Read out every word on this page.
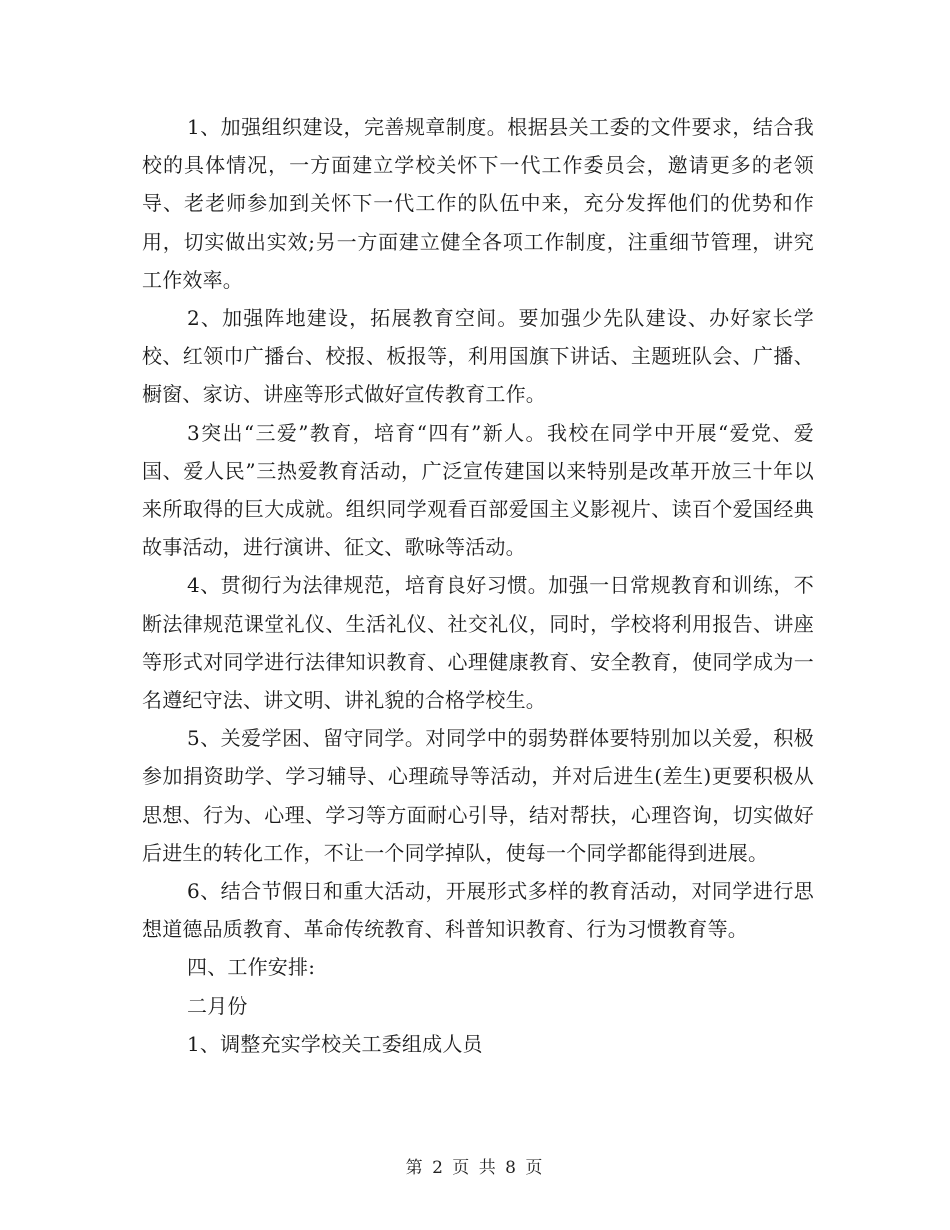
1、加强组织建设，完善规章制度。根据县关工委的文件要求，结合我校的具体情况，一方面建立学校关怀下一代工作委员会，邀请更多的老领导、老老师参加到关怀下一代工作的队伍中来，充分发挥他们的优势和作用，切实做出实效;另一方面建立健全各项工作制度，注重细节管理，讲究工作效率。

2、加强阵地建设，拓展教育空间。要加强少先队建设、办好家长学校、红领巾广播台、校报、板报等，利用国旗下讲话、主题班队会、广播、橱窗、家访、讲座等形式做好宣传教育工作。

3突出“三爱”教育，培育“四有”新人。我校在同学中开展“爱党、爱国、爱人民”三热爱教育活动，广泛宣传建国以来特别是改革开放三十年以来所取得的巨大成就。组织同学观看百部爱国主义影视片、读百个爱国经典故事活动，进行演讲、征文、歌咏等活动。

4、贯彻行为法律规范，培育良好习惯。加强一日常规教育和训练，不断法律规范课堂礼仪、生活礼仪、社交礼仪，同时，学校将利用报告、讲座等形式对同学进行法律知识教育、心理健康教育、安全教育，使同学成为一名遵纪守法、讲文明、讲礼貌的合格学校生。

5、关爱学困、留守同学。对同学中的弱势群体要特别加以关爱，积极参加捐资助学、学习辅导、心理疏导等活动，并对后进生(差生)更要积极从思想、行为、心理、学习等方面耐心引导，结对帮扶，心理咨询，切实做好后进生的转化工作，不让一个同学掉队，使每一个同学都能得到进展。

6、结合节假日和重大活动，开展形式多样的教育活动，对同学进行思想道德品质教育、革命传统教育、科普知识教育、行为习惯教育等。

四、工作安排:

二月份

1、调整充实学校关工委组成人员

第 2 页 共 8 页
